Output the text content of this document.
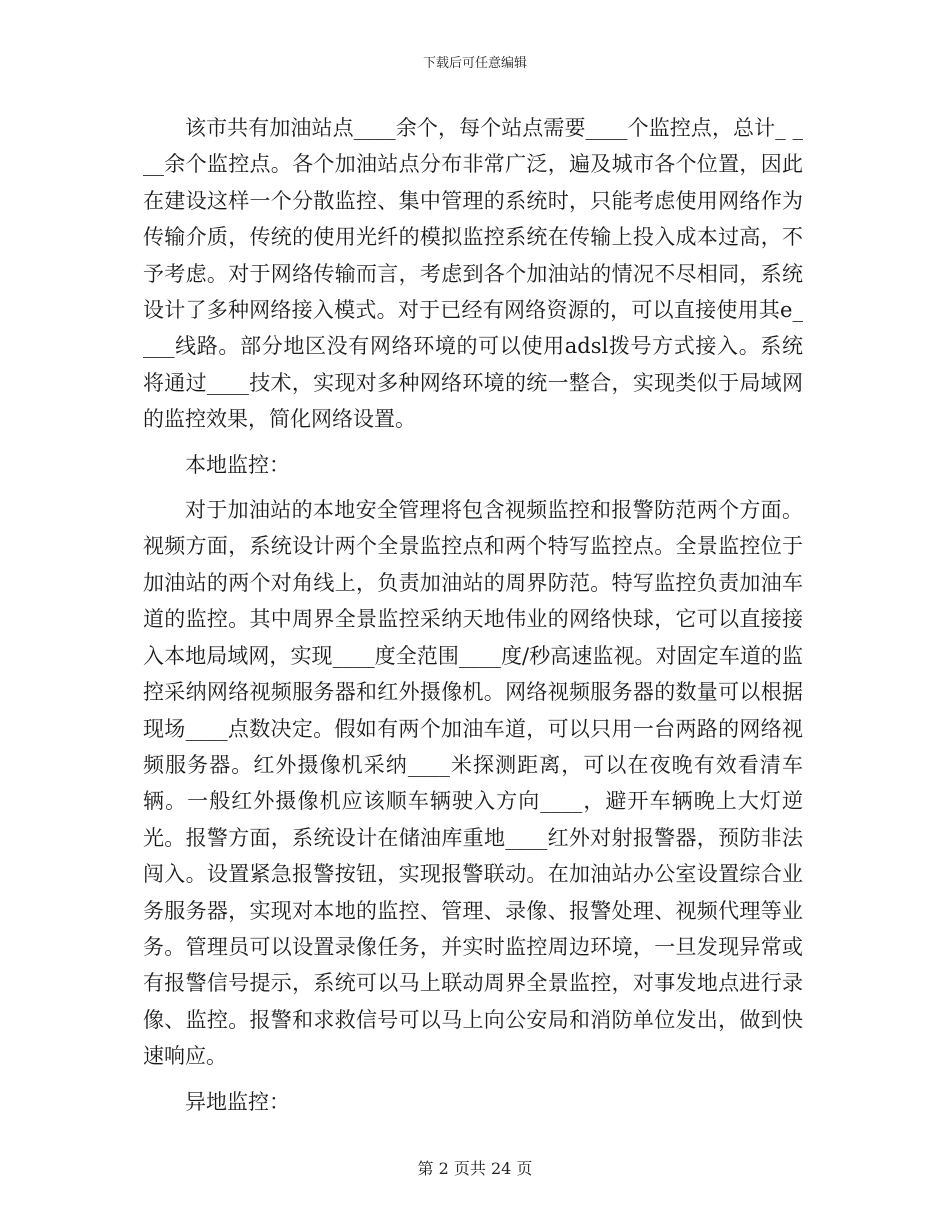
下载后可任意编辑

该市共有加油站点____余个，每个站点需要____个监控点，总计_ ___余个监控点。各个加油站点分布非常广泛，遍及城市各个位置，因此在建设这样一个分散监控、集中管理的系统时，只能考虑使用网络作为传输介质，传统的使用光纤的模拟监控系统在传输上投入成本过高，不予考虑。对于网络传输而言，考虑到各个加油站的情况不尽相同，系统设计了多种网络接入模式。对于已经有网络资源的，可以直接使用其e____线路。部分地区没有网络环境的可以使用adsl拨号方式接入。系统将通过____技术，实现对多种网络环境的统一整合，实现类似于局域网的监控效果，简化网络设置。

本地监控：

对于加油站的本地安全管理将包含视频监控和报警防范两个方面。视频方面，系统设计两个全景监控点和两个特写监控点。全景监控位于加油站的两个对角线上，负责加油站的周界防范。特写监控负责加油车道的监控。其中周界全景监控采纳天地伟业的网络快球，它可以直接接入本地局域网，实现____度全范围____度/秒高速监视。对固定车道的监控采纳网络视频服务器和红外摄像机。网络视频服务器的数量可以根据现场____点数决定。假如有两个加油车道，可以只用一台两路的网络视频服务器。红外摄像机采纳____米探测距离，可以在夜晚有效看清车辆。一般红外摄像机应该顺车辆驶入方向____，避开车辆晚上大灯逆光。报警方面，系统设计在储油库重地____红外对射报警器，预防非法闯入。设置紧急报警按钮，实现报警联动。在加油站办公室设置综合业务服务器，实现对本地的监控、管理、录像、报警处理、视频代理等业务。管理员可以设置录像任务，并实时监控周边环境，一旦发现异常或有报警信号提示，系统可以马上联动周界全景监控，对事发地点进行录像、监控。报警和求救信号可以马上向公安局和消防单位发出，做到快速响应。

异地监控：

第 2 页共 24 页
